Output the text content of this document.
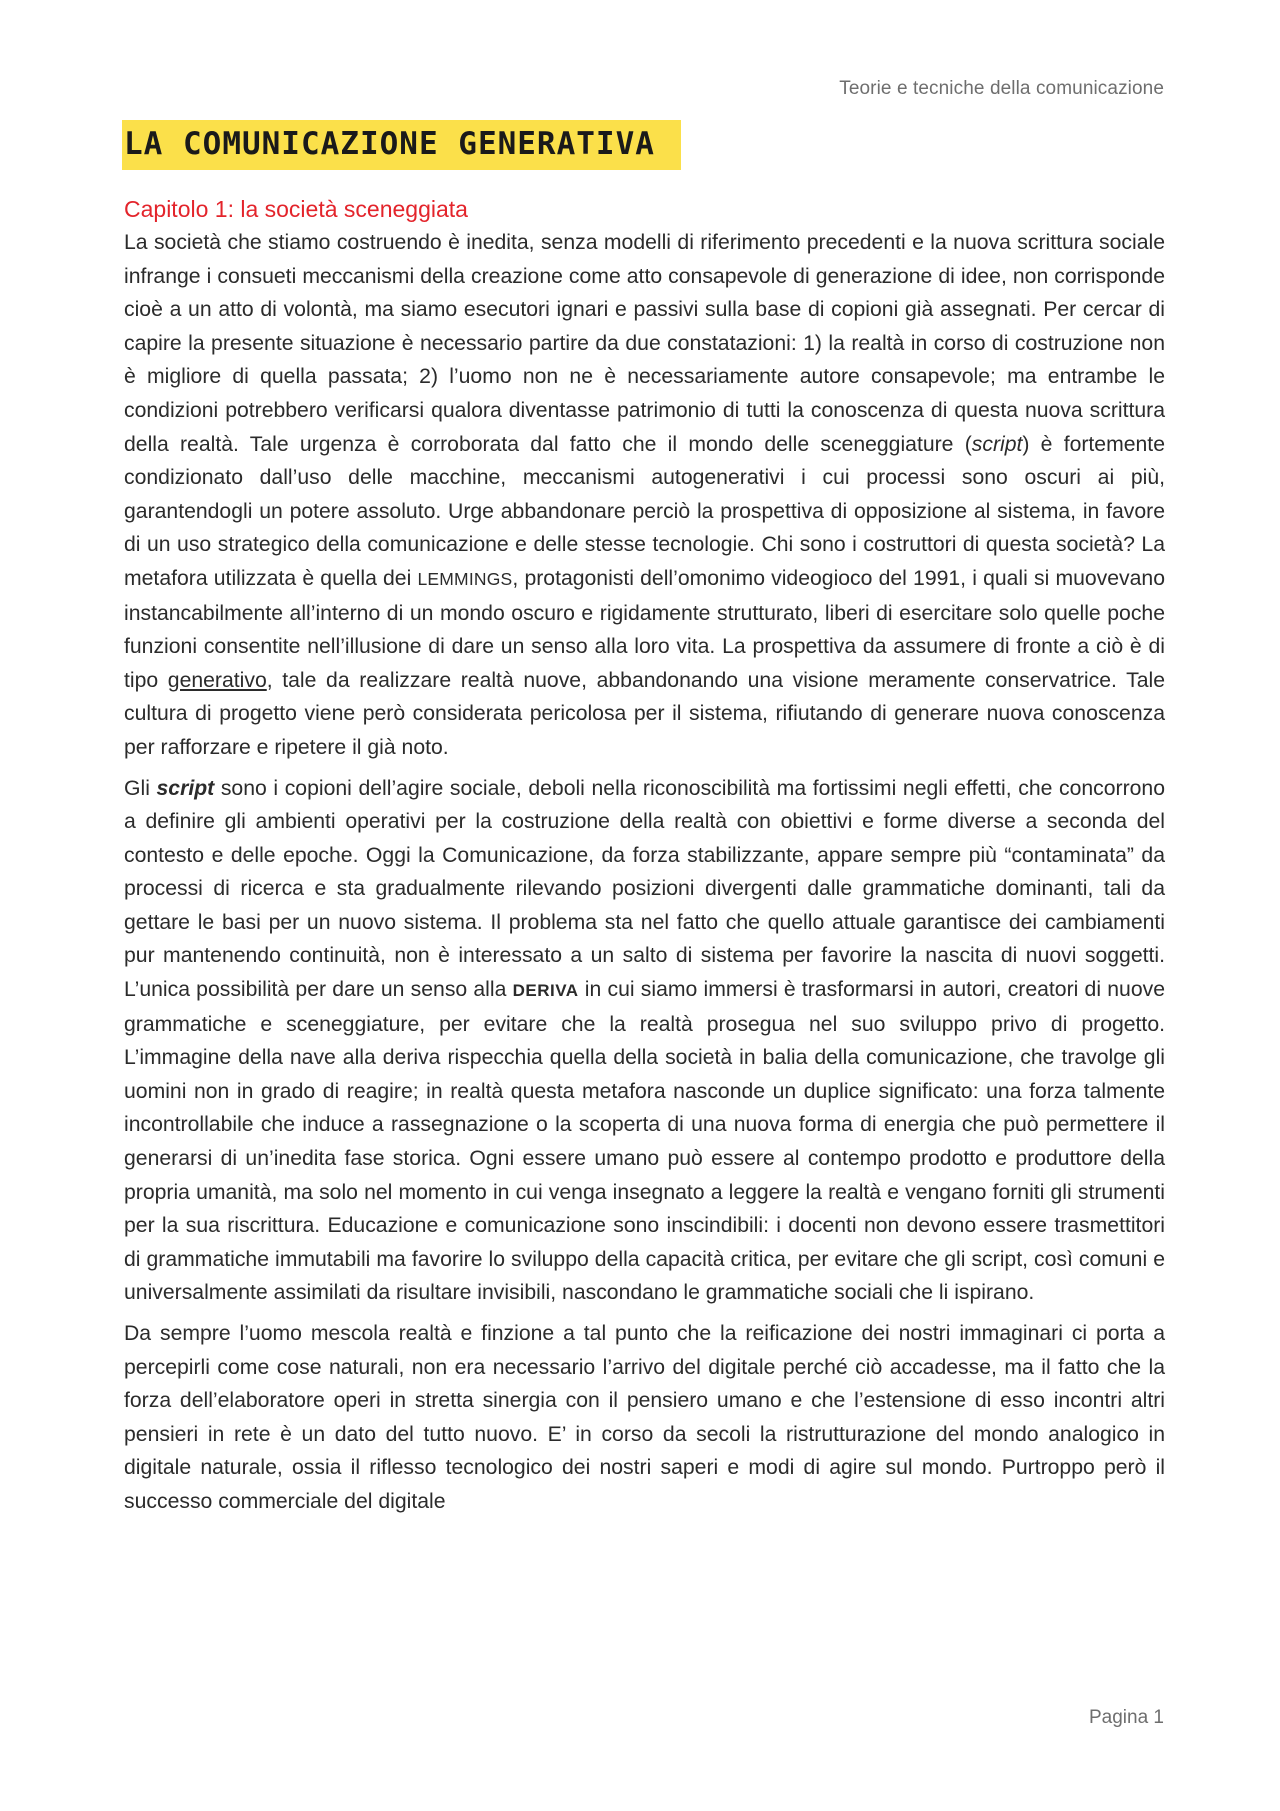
Teorie e tecniche della comunicazione
LA COMUNICAZIONE GENERATIVA
Capitolo 1: la società sceneggiata

La società che stiamo costruendo è inedita, senza modelli di riferimento precedenti e la nuova scrittura sociale infrange i consueti meccanismi della creazione come atto consapevole di generazione di idee, non corrisponde cioè a un atto di volontà, ma siamo esecutori ignari e passivi sulla base di copioni già assegnati. Per cercar di capire la presente situazione è necessario partire da due constatazioni: 1) la realtà in corso di costruzione non è migliore di quella passata; 2) l’uomo non ne è necessariamente autore consapevole; ma entrambe le condizioni potrebbero verificarsi qualora diventasse patrimonio di tutti la conoscenza di questa nuova scrittura della realtà. Tale urgenza è corroborata dal fatto che il mondo delle sceneggiature (script) è fortemente condizionato dall’uso delle macchine, meccanismi autogenerativi i cui processi sono oscuri ai più, garantendogli un potere assoluto. Urge abbandonare perciò la prospettiva di opposizione al sistema, in favore di un uso strategico della comunicazione e delle stesse tecnologie. Chi sono i costruttori di questa società? La metafora utilizzata è quella dei LEMMINGS, protagonisti dell’omonimo videogioco del 1991, i quali si muovevano instancabilmente all’interno di un mondo oscuro e rigidamente strutturato, liberi di esercitare solo quelle poche funzioni consentite nell’illusione di dare un senso alla loro vita. La prospettiva da assumere di fronte a ciò è di tipo generativo, tale da realizzare realtà nuove, abbandonando una visione meramente conservatrice. Tale cultura di progetto viene però considerata pericolosa per il sistema, rifiutando di generare nuova conoscenza per rafforzare e ripetere il già noto.

Gli script sono i copioni dell’agire sociale, deboli nella riconoscibilità ma fortissimi negli effetti, che concorrono a definire gli ambienti operativi per la costruzione della realtà con obiettivi e forme diverse a seconda del contesto e delle epoche. Oggi la Comunicazione, da forza stabilizzante, appare sempre più “contaminata” da processi di ricerca e sta gradualmente rilevando posizioni divergenti dalle grammatiche dominanti, tali da gettare le basi per un nuovo sistema. Il problema sta nel fatto che quello attuale garantisce dei cambiamenti pur mantenendo continuità, non è interessato a un salto di sistema per favorire la nascita di nuovi soggetti. L’unica possibilità per dare un senso alla DERIVA in cui siamo immersi è trasformarsi in autori, creatori di nuove grammatiche e sceneggiature, per evitare che la realtà prosegua nel suo sviluppo privo di progetto. L’immagine della nave alla deriva rispecchia quella della società in balia della comunicazione, che travolge gli uomini non in grado di reagire; in realtà questa metafora nasconde un duplice significato: una forza talmente incontrollabile che induce a rassegnazione o la scoperta di una nuova forma di energia che può permettere il generarsi di un’inedita fase storica. Ogni essere umano può essere al contempo prodotto e produttore della propria umanità, ma solo nel momento in cui venga insegnato a leggere la realtà e vengano forniti gli strumenti per la sua riscrittura. Educazione e comunicazione sono inscindibili: i docenti non devono essere trasmettitori di grammatiche immutabili ma favorire lo sviluppo della capacità critica, per evitare che gli script, così comuni e universalmente assimilati da risultare invisibili, nascondano le grammatiche sociali che li ispirano.

Da sempre l’uomo mescola realtà e finzione a tal punto che la reificazione dei nostri immaginari ci porta a percepirli come cose naturali, non era necessario l’arrivo del digitale perché ciò accadesse, ma il fatto che la forza dell’elaboratore operi in stretta sinergia con il pensiero umano e che l’estensione di esso incontri altri pensieri in rete è un dato del tutto nuovo. E’ in corso da secoli la ristrutturazione del mondo analogico in digitale naturale, ossia il riflesso tecnologico dei nostri saperi e modi di agire sul mondo. Purtroppo però il successo commerciale del digitale

Pagina 1
